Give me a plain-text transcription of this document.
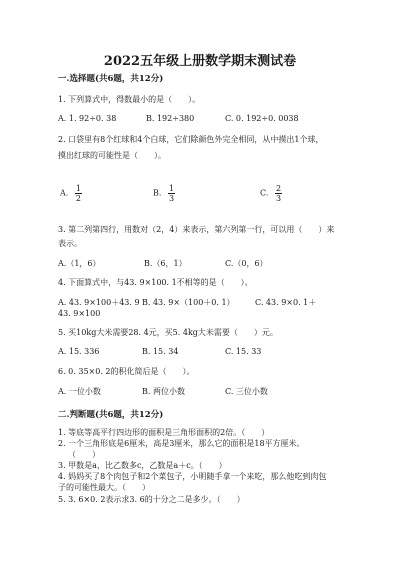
2022五年级上册数学期末测试卷
一.选择题(共6题，共12分)
1. 下列算式中，得数最小的是（　　）。
A. 1. 92÷0. 38	B. 192÷380	C. 0. 192÷0. 0038
2. 口袋里有8个红球和4个白球，它们除颜色外完全相同，从中摸出1个球，
摸出红球的可能性是（　　）。
A. $\frac{1}{2}$	B. $\frac{1}{3}$	C. $\frac{2}{3}$
3. 第二列第四行，用数对（2，4）来表示，第六列第一行，可以用（　　）来
表示。
A.（1，6）	B.（6，1）	C.（0，6）
4. 下面算式中，与43. 9×100. 1不相等的是（　　）。
A. 43. 9×100＋43. 9 B. 43. 9×（100＋0. 1）	C. 43. 9×0. 1＋
43. 9×100
5. 买10kg大米需要28. 4元，买5. 4kg大米需要（　　）元。
A. 15. 336	B. 15. 34	C. 15. 33
6. 0. 35×0. 2的积化简后是（　　）。
A. 一位小数	B. 两位小数	C. 三位小数
二.判断题(共6题，共12分)
1. 等底等高平行四边形的面积是三角形面积的2倍。（　　）
2. 一个三角形底是6厘米，高是3厘米，那么它的面积是18平方厘米。
（　　）
3. 甲数是a，比乙数多c，乙数是a＋c。（　　）
4. 妈妈买了8个肉包子和2个菜包子，小明随手拿一个来吃，那么他吃到肉包
子的可能性最大。（　　）
5. 3. 6×0. 2表示求3. 6的十分之二是多少。（　　）
